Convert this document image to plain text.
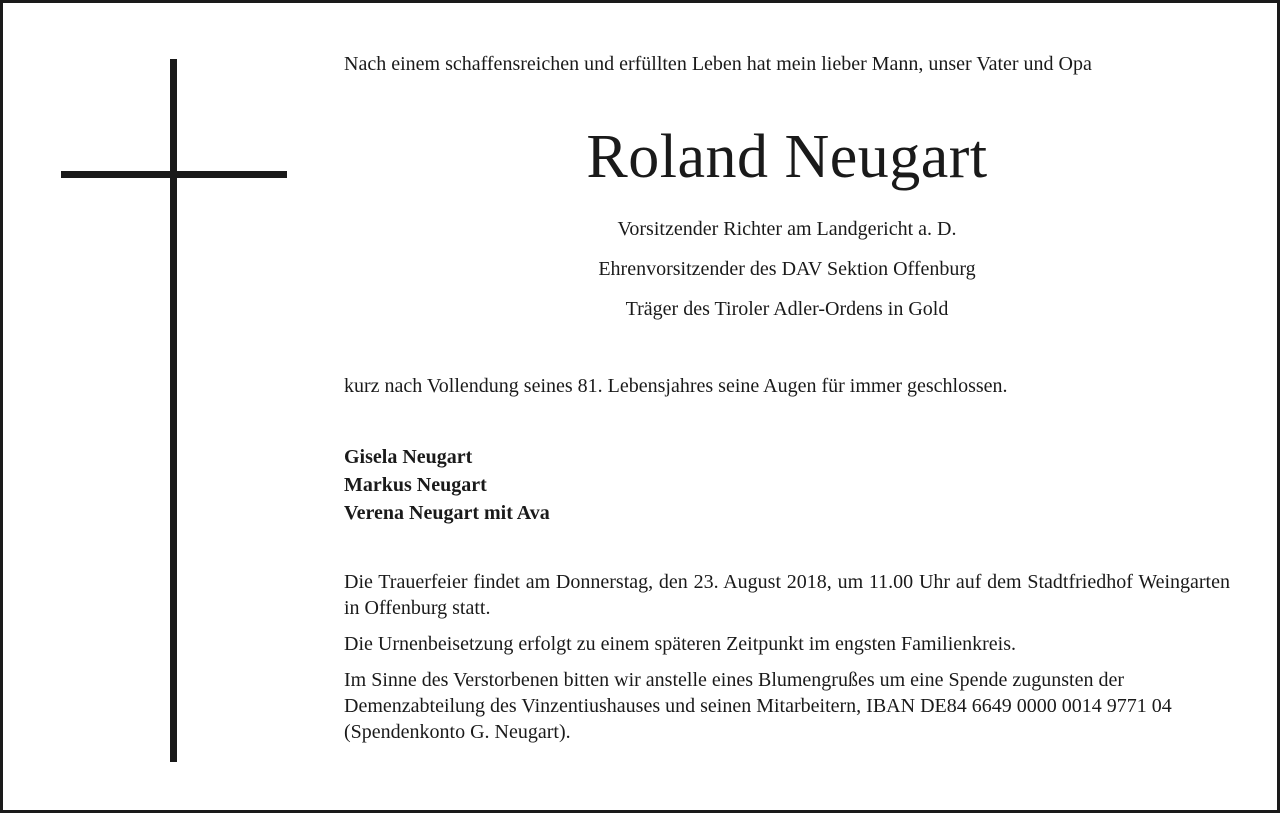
Nach einem schaffensreichen und erfüllten Leben hat mein lieber Mann, unser Vater und Opa
Roland Neugart
Vorsitzender Richter am Landgericht a. D.
Ehrenvorsitzender des DAV Sektion Offenburg
Träger des Tiroler Adler-Ordens in Gold
kurz nach Vollendung seines 81. Lebensjahres seine Augen für immer geschlossen.
Gisela Neugart
Markus Neugart
Verena Neugart mit Ava

Die Trauerfeier findet am Donnerstag, den 23. August 2018, um 11.00 Uhr auf dem Stadtfriedhof Weingarten in Offenburg statt.

Die Urnenbeisetzung erfolgt zu einem späteren Zeitpunkt im engsten Familienkreis.

Im Sinne des Verstorbenen bitten wir anstelle eines Blumengrußes um eine Spende zugunsten der Demenzabteilung des Vinzentiushauses und seinen Mitarbeitern, IBAN DE84 6649 0000 0014 9771 04 (Spendenkonto G. Neugart).
